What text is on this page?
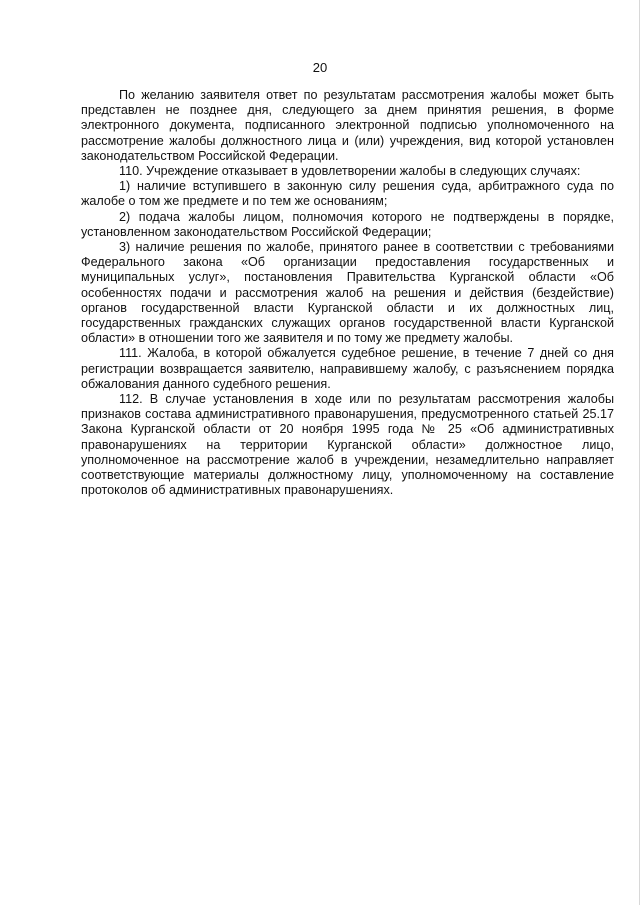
20

По желанию заявителя ответ по результатам рассмотрения жалобы может быть представлен не позднее дня, следующего за днем принятия решения, в форме электронного документа, подписанного электронной подписью уполномоченного на рассмотрение жалобы должностного лица и (или) учреждения, вид которой установлен законодательством Российской Федерации.

110. Учреждение отказывает в удовлетворении жалобы в следующих случаях:

1) наличие вступившего в законную силу решения суда, арбитражного суда по жалобе о том же предмете и по тем же основаниям;

2) подача жалобы лицом, полномочия которого не подтверждены в порядке, установленном законодательством Российской Федерации;

3) наличие решения по жалобе, принятого ранее в соответствии с требованиями Федерального закона «Об организации предоставления государственных и муниципальных услуг», постановления Правительства Курганской области «Об особенностях подачи и рассмотрения жалоб на решения и действия (бездействие) органов государственной власти Курганской области и их должностных лиц, государственных гражданских служащих органов государственной власти Курганской области» в отношении того же заявителя и по тому же предмету жалобы.

111. Жалоба, в которой обжалуется судебное решение, в течение 7 дней со дня регистрации возвращается заявителю, направившему жалобу, с разъяснением порядка обжалования данного судебного решения.

112. В случае установления в ходе или по результатам рассмотрения жалобы признаков состава административного правонарушения, предусмотренного статьей 25.17 Закона Курганской области от 20 ноября 1995 года № 25 «Об административных правонарушениях на территории Курганской области» должностное лицо, уполномоченное на рассмотрение жалоб в учреждении, незамедлительно направляет соответствующие материалы должностному лицу, уполномоченному на составление протоколов об административных правонарушениях.
